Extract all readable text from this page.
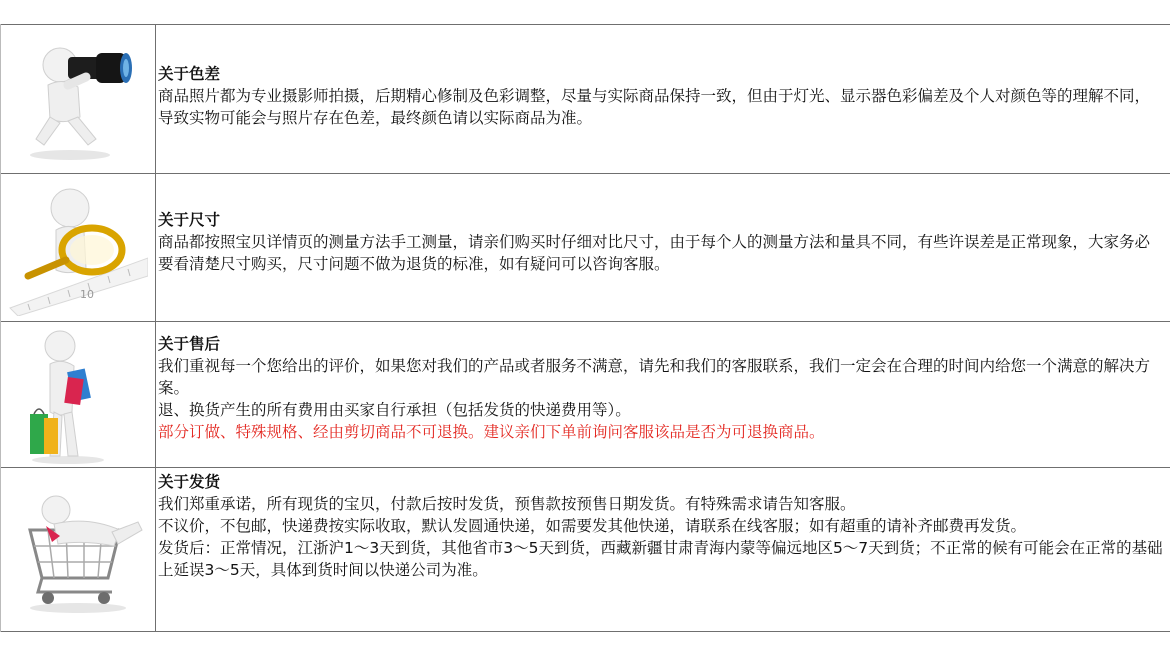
关于色差
商品照片都为专业摄影师拍摄，后期精心修制及色彩调整，尽量与实际商品保持一致，但由于灯光、显示器色彩偏差及个人对颜色等的理解不同，导致实物可能会与照片存在色差，最终颜色请以实际商品为准。
10
关于尺寸
商品都按照宝贝详情页的测量方法手工测量，请亲们购买时仔细对比尺寸，由于每个人的测量方法和量具不同，有些许误差是正常现象，大家务必要看清楚尺寸购买，尺寸问题不做为退货的标准，如有疑问可以咨询客服。
关于售后
我们重视每一个您给出的评价，如果您对我们的产品或者服务不满意，请先和我们的客服联系，我们一定会在合理的时间内给您一个满意的解决方案。
退、换货产生的所有费用由买家自行承担（包括发货的快递费用等）。
部分订做、特殊规格、经由剪切商品不可退换。建议亲们下单前询问客服该品是否为可退换商品。
关于发货
我们郑重承诺，所有现货的宝贝，付款后按时发货，预售款按预售日期发货。有特殊需求请告知客服。
不议价，不包邮，快递费按实际收取，默认发圆通快递，如需要发其他快递，请联系在线客服；如有超重的请补齐邮费再发货。
发货后：正常情况，江浙沪1～3天到货，其他省市3～5天到货，西藏新疆甘肃青海内蒙等偏远地区5～7天到货；不正常的候有可能会在正常的基础上延误3～5天，具体到货时间以快递公司为准。
